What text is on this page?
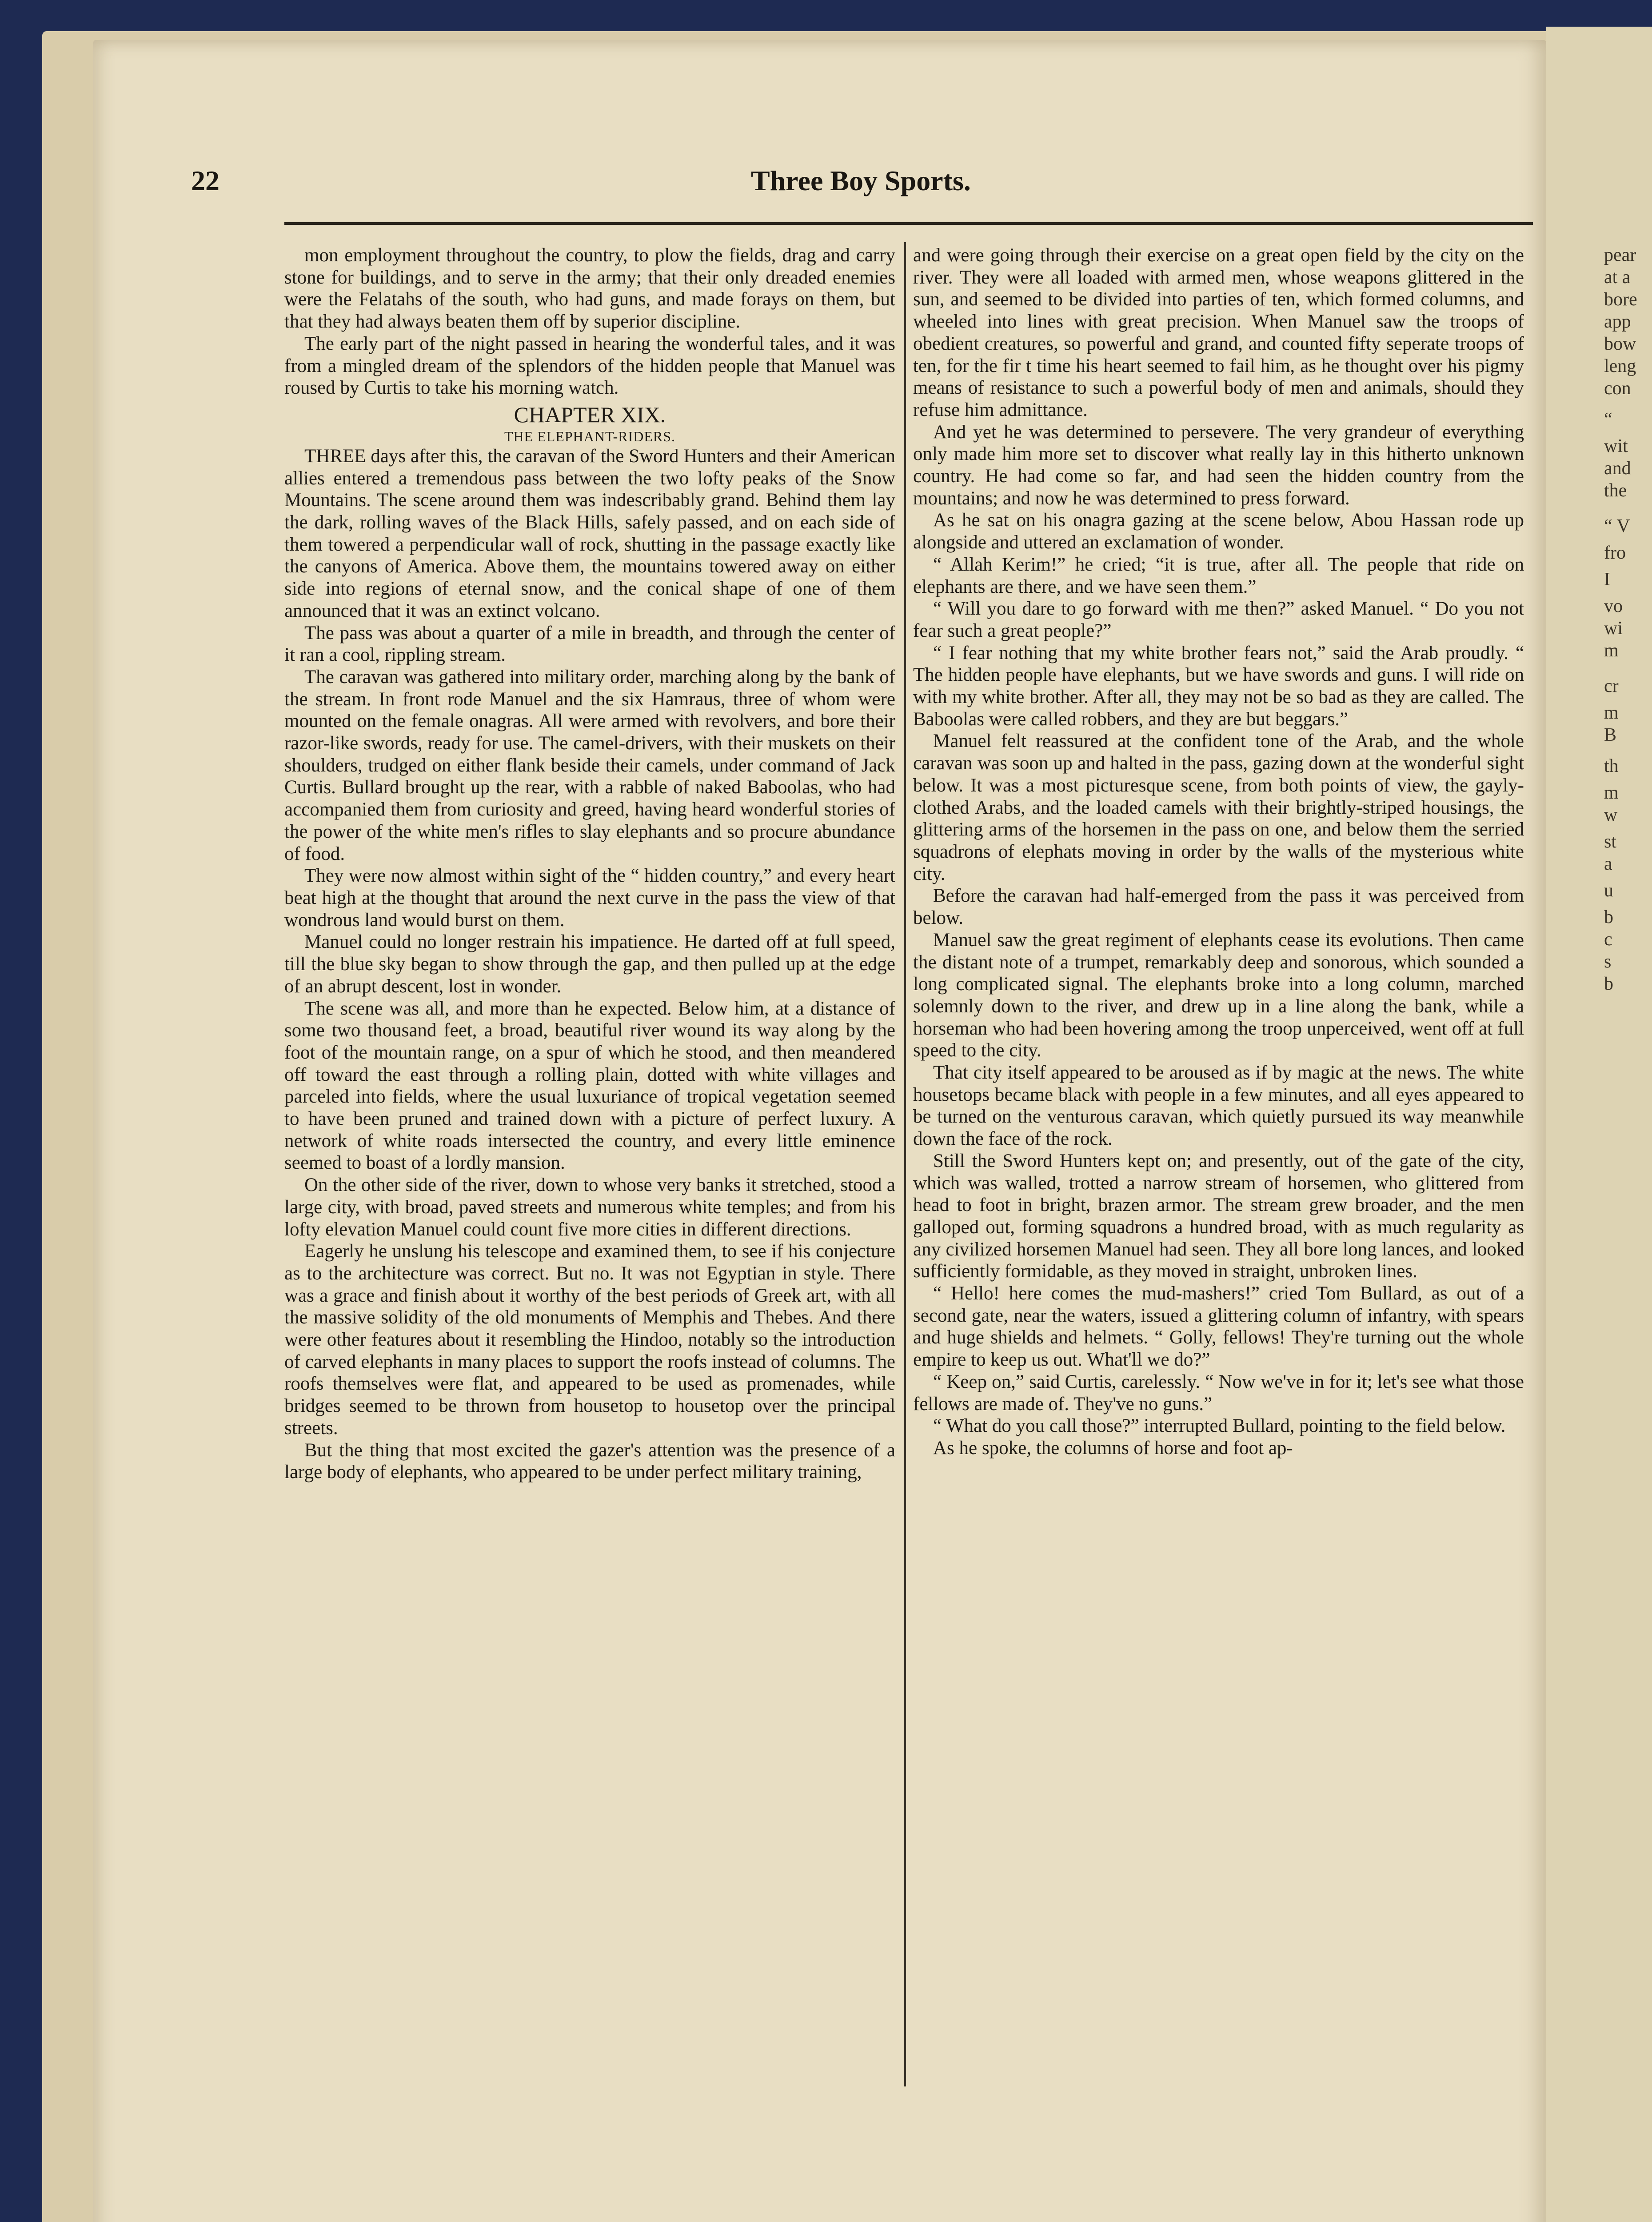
pear
at a
bore
app
bow
leng
con
“
wit
and
the
“ V
fro
I
vo
wi
m
cr
m
B
th
m
w
st
a
u
b
c
s
b
22	Three Boy Sports.

mon employment throughout the country, to plow the fields, drag and carry stone for buildings, and to serve in the army; that their only dreaded enemies were the Felatahs of the south, who had guns, and made forays on them, but that they had always beaten them off by superior discipline.

The early part of the night passed in hearing the wonderful tales, and it was from a mingled dream of the splendors of the hidden people that Manuel was roused by Curtis to take his morning watch.

CHAPTER XIX.

THE ELEPHANT-RIDERS.

THREE days after this, the caravan of the Sword Hunters and their American allies entered a tremendous pass between the two lofty peaks of the Snow Mountains. The scene around them was indescribably grand. Behind them lay the dark, rolling waves of the Black Hills, safely passed, and on each side of them towered a perpendicular wall of rock, shutting in the passage exactly like the canyons of America. Above them, the mountains towered away on either side into regions of eternal snow, and the conical shape of one of them announced that it was an extinct volcano.

The pass was about a quarter of a mile in breadth, and through the center of it ran a cool, rippling stream.

The caravan was gathered into military order, marching along by the bank of the stream. In front rode Manuel and the six Hamraus, three of whom were mounted on the female onagras. All were armed with revolvers, and bore their razor-like swords, ready for use. The camel-drivers, with their muskets on their shoulders, trudged on either flank beside their camels, under command of Jack Curtis. Bullard brought up the rear, with a rabble of naked Baboolas, who had accompanied them from curiosity and greed, having heard wonderful stories of the power of the white men's rifles to slay elephants and so procure abundance of food.

They were now almost within sight of the “ hidden country,” and every heart beat high at the thought that around the next curve in the pass the view of that wondrous land would burst on them.

Manuel could no longer restrain his impatience. He darted off at full speed, till the blue sky began to show through the gap, and then pulled up at the edge of an abrupt descent, lost in wonder.

The scene was all, and more than he expected. Below him, at a distance of some two thousand feet, a broad, beautiful river wound its way along by the foot of the mountain range, on a spur of which he stood, and then meandered off toward the east through a rolling plain, dotted with white villages and parceled into fields, where the usual luxuriance of tropical vegetation seemed to have been pruned and trained down with a picture of perfect luxury. A network of white roads intersected the country, and every little eminence seemed to boast of a lordly mansion.

On the other side of the river, down to whose very banks it stretched, stood a large city, with broad, paved streets and numerous white temples; and from his lofty elevation Manuel could count five more cities in different directions.

Eagerly he unslung his telescope and examined them, to see if his conjecture as to the architecture was correct. But no. It was not Egyptian in style. There was a grace and finish about it worthy of the best periods of Greek art, with all the massive solidity of the old monuments of Memphis and Thebes. And there were other features about it resembling the Hindoo, notably so the introduction of carved elephants in many places to support the roofs instead of columns. The roofs themselves were flat, and appeared to be used as promenades, while bridges seemed to be thrown from housetop to housetop over the principal streets.

But the thing that most excited the gazer's attention was the presence of a large body of elephants, who appeared to be under perfect military training,

and were going through their exercise on a great open field by the city on the river. They were all loaded with armed men, whose weapons glittered in the sun, and seemed to be divided into parties of ten, which formed columns, and wheeled into lines with great precision. When Manuel saw the troops of obedient creatures, so powerful and grand, and counted fifty seperate troops of ten, for the fir t time his heart seemed to fail him, as he thought over his pigmy means of resistance to such a powerful body of men and animals, should they refuse him admittance.

And yet he was determined to persevere. The very grandeur of everything only made him more set to discover what really lay in this hitherto unknown country. He had come so far, and had seen the hidden country from the mountains; and now he was determined to press forward.

As he sat on his onagra gazing at the scene below, Abou Hassan rode up alongside and uttered an exclamation of wonder.

“ Allah Kerim!” he cried; “it is true, after all. The people that ride on elephants are there, and we have seen them.”

“ Will you dare to go forward with me then?” asked Manuel. “ Do you not fear such a great people?”

“ I fear nothing that my white brother fears not,” said the Arab proudly. “ The hidden people have elephants, but we have swords and guns. I will ride on with my white brother. After all, they may not be so bad as they are called. The Baboolas were called robbers, and they are but beggars.”

Manuel felt reassured at the confident tone of the Arab, and the whole caravan was soon up and halted in the pass, gazing down at the wonderful sight below. It was a most picturesque scene, from both points of view, the gayly-clothed Arabs, and the loaded camels with their brightly-striped housings, the glittering arms of the horsemen in the pass on one, and below them the serried squadrons of elephats moving in order by the walls of the mysterious white city.

Before the caravan had half-emerged from the pass it was perceived from below.

Manuel saw the great regiment of elephants cease its evolutions. Then came the distant note of a trumpet, remarkably deep and sonorous, which sounded a long complicated signal. The elephants broke into a long column, marched solemnly down to the river, and drew up in a line along the bank, while a horseman who had been hovering among the troop unperceived, went off at full speed to the city.

That city itself appeared to be aroused as if by magic at the news. The white housetops became black with people in a few minutes, and all eyes appeared to be turned on the venturous caravan, which quietly pursued its way meanwhile down the face of the rock.

Still the Sword Hunters kept on; and presently, out of the gate of the city, which was walled, trotted a narrow stream of horsemen, who glittered from head to foot in bright, brazen armor. The stream grew broader, and the men galloped out, forming squadrons a hundred broad, with as much regularity as any civilized horsemen Manuel had seen. They all bore long lances, and looked sufficiently formidable, as they moved in straight, unbroken lines.

“ Hello! here comes the mud-mashers!” cried Tom Bullard, as out of a second gate, near the waters, issued a glittering column of infantry, with spears and huge shields and helmets. “ Golly, fellows! They're turning out the whole empire to keep us out. What'll we do?”

“ Keep on,” said Curtis, carelessly. “ Now we've in for it; let's see what those fellows are made of. They've no guns.”

“ What do you call those?” interrupted Bullard, pointing to the field below.

As he spoke, the columns of horse and foot ap-
